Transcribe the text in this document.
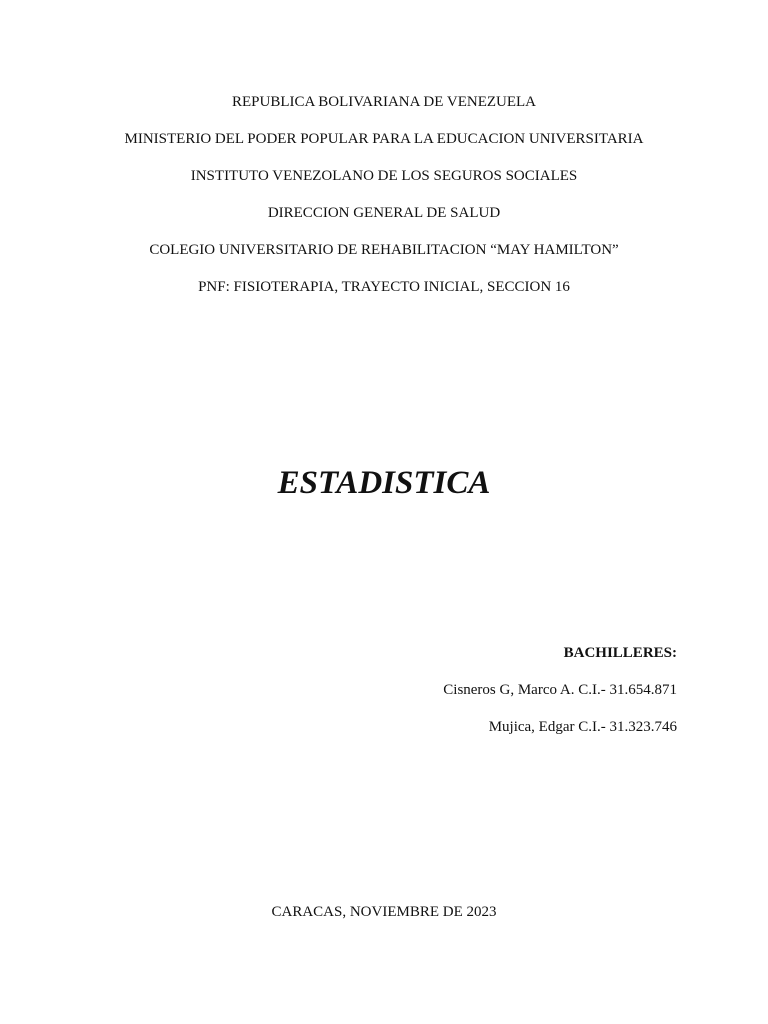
REPUBLICA BOLIVARIANA DE VENEZUELA
MINISTERIO DEL PODER POPULAR PARA LA EDUCACION UNIVERSITARIA
INSTITUTO VENEZOLANO DE LOS SEGUROS SOCIALES
DIRECCION GENERAL DE SALUD
COLEGIO UNIVERSITARIO DE REHABILITACION “MAY HAMILTON”
PNF: FISIOTERAPIA, TRAYECTO INICIAL, SECCION 16
ESTADISTICA
BACHILLERES:
Cisneros G, Marco A. C.I.- 31.654.871
Mujica, Edgar C.I.- 31.323.746
CARACAS, NOVIEMBRE DE 2023
